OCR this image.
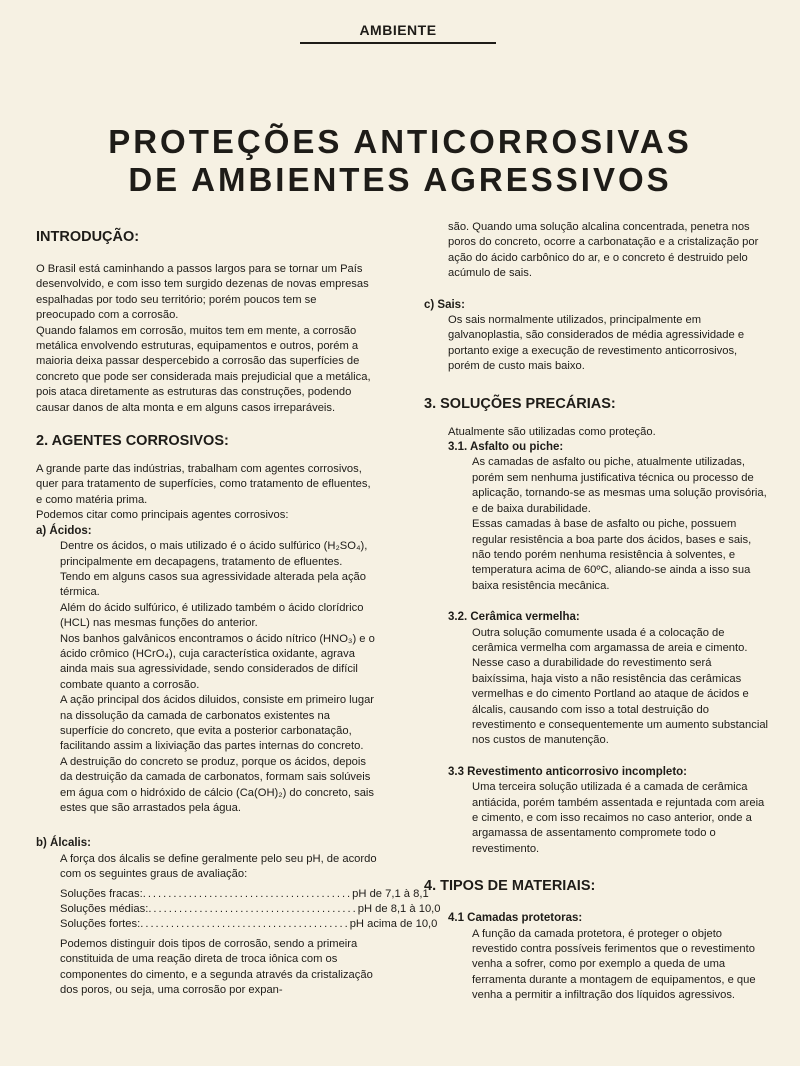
AMBIENTE
PROTEÇÕES ANTICORROSIVAS
DE AMBIENTES AGRESSIVOS

INTRODUÇÃO:

O Brasil está caminhando a passos largos para se tornar um País desenvolvido, e com isso tem surgido dezenas de novas empresas espalhadas por todo seu território; porém poucos tem se preocupado com a corrosão.

Quando falamos em corrosão, muitos tem em mente, a corrosão metálica envolvendo estruturas, equipamentos e outros, porém a maioria deixa passar despercebido a corrosão das superfícies de concreto que pode ser considerada mais prejudicial que a metálica, pois ataca diretamente as estruturas das construções, podendo causar danos de alta monta e em alguns casos irreparáveis.

2. AGENTES CORROSIVOS:

A grande parte das indústrias, trabalham com agentes corrosivos, quer para tratamento de superfícies, como tratamento de efluentes, e como matéria prima.

Podemos citar como principais agentes corrosivos:

a) Ácidos:

Dentre os ácidos, o mais utilizado é o ácido sulfúrico (H₂SO₄), principalmente em decapagens, tratamento de efluentes.

Tendo em alguns casos sua agressividade alterada pela ação térmica.

Além do ácido sulfúrico, é utilizado também o ácido clorídrico (HCL) nas mesmas funções do anterior.

Nos banhos galvânicos encontramos o ácido nítrico (HNO₃) e o ácido crômico (HCrO₄), cuja característica oxidante, agrava ainda mais sua agressividade, sendo considerados de difícil combate quanto a corrosão.

A ação principal dos ácidos diluidos, consiste em primeiro lugar na dissolução da camada de carbonatos existentes na superfície do concreto, que evita a posterior carbonatação, facilitando assim a lixiviação das partes internas do concreto.

A destruição do concreto se produz, porque os ácidos, depois da destruição da camada de carbonatos, formam sais solúveis em água com o hidróxido de cálcio (Ca(OH)₂) do concreto, sais estes que são arrastados pela água.

b) Álcalis:

A força dos álcalis se define geralmente pelo seu pH, de acordo com os seguintes graus de avaliação:

Soluções fracas: ......................................... pH de 7,1 à 8,1
Soluções médias: ......................................... pH de 8,1 à 10,0
Soluções fortes: ......................................... pH acima de 10,0

Podemos distinguir dois tipos de corrosão, sendo a primeira constituida de uma reação direta de troca iônica com os componentes do cimento, e a segunda através da cristalização dos poros, ou seja, uma corrosão por expan-

são. Quando uma solução alcalina concentrada, penetra nos poros do concreto, ocorre a carbonatação e a cristalização por ação do ácido carbônico do ar, e o concreto é destruido pelo acúmulo de sais.

c) Sais:

Os sais normalmente utilizados, principalmente em galvanoplastia, são considerados de média agressividade e portanto exige a execução de revestimento anticorrosivos, porém de custo mais baixo.

3. SOLUÇÕES PRECÁRIAS:

Atualmente são utilizadas como proteção.

3.1. Asfalto ou piche:

As camadas de asfalto ou piche, atualmente utilizadas, porém sem nenhuma justificativa técnica ou processo de aplicação, tornando-se as mesmas uma solução provisória, e de baixa durabilidade.

Essas camadas à base de asfalto ou piche, possuem regular resistência a boa parte dos ácidos, bases e sais, não tendo porém nenhuma resistência à solventes, e temperatura acima de 60ºC, aliando-se ainda a isso sua baixa resistência mecânica.

3.2. Cerâmica vermelha:

Outra solução comumente usada é a colocação de cerâmica vermelha com argamassa de areia e cimento.

Nesse caso a durabilidade do revestimento será baixíssima, haja visto a não resistência das cerâmicas vermelhas e do cimento Portland ao ataque de ácidos e álcalis, causando com isso a total destruição do revestimento e consequentemente um aumento substancial nos custos de manutenção.

3.3 Revestimento anticorrosivo incompleto:

Uma terceira solução utilizada é a camada de cerâmica antiácida, porém também assentada e rejuntada com areia e cimento, e com isso recaimos no caso anterior, onde a argamassa de assentamento compromete todo o revestimento.

4. TIPOS DE MATERIAIS:

4.1 Camadas protetoras:

A função da camada protetora, é proteger o objeto revestido contra possíveis ferimentos que o revestimento venha a sofrer, como por exemplo a queda de uma ferramenta durante a montagem de equipamentos, e que venha a permitir a infiltração dos líquidos agressivos.
